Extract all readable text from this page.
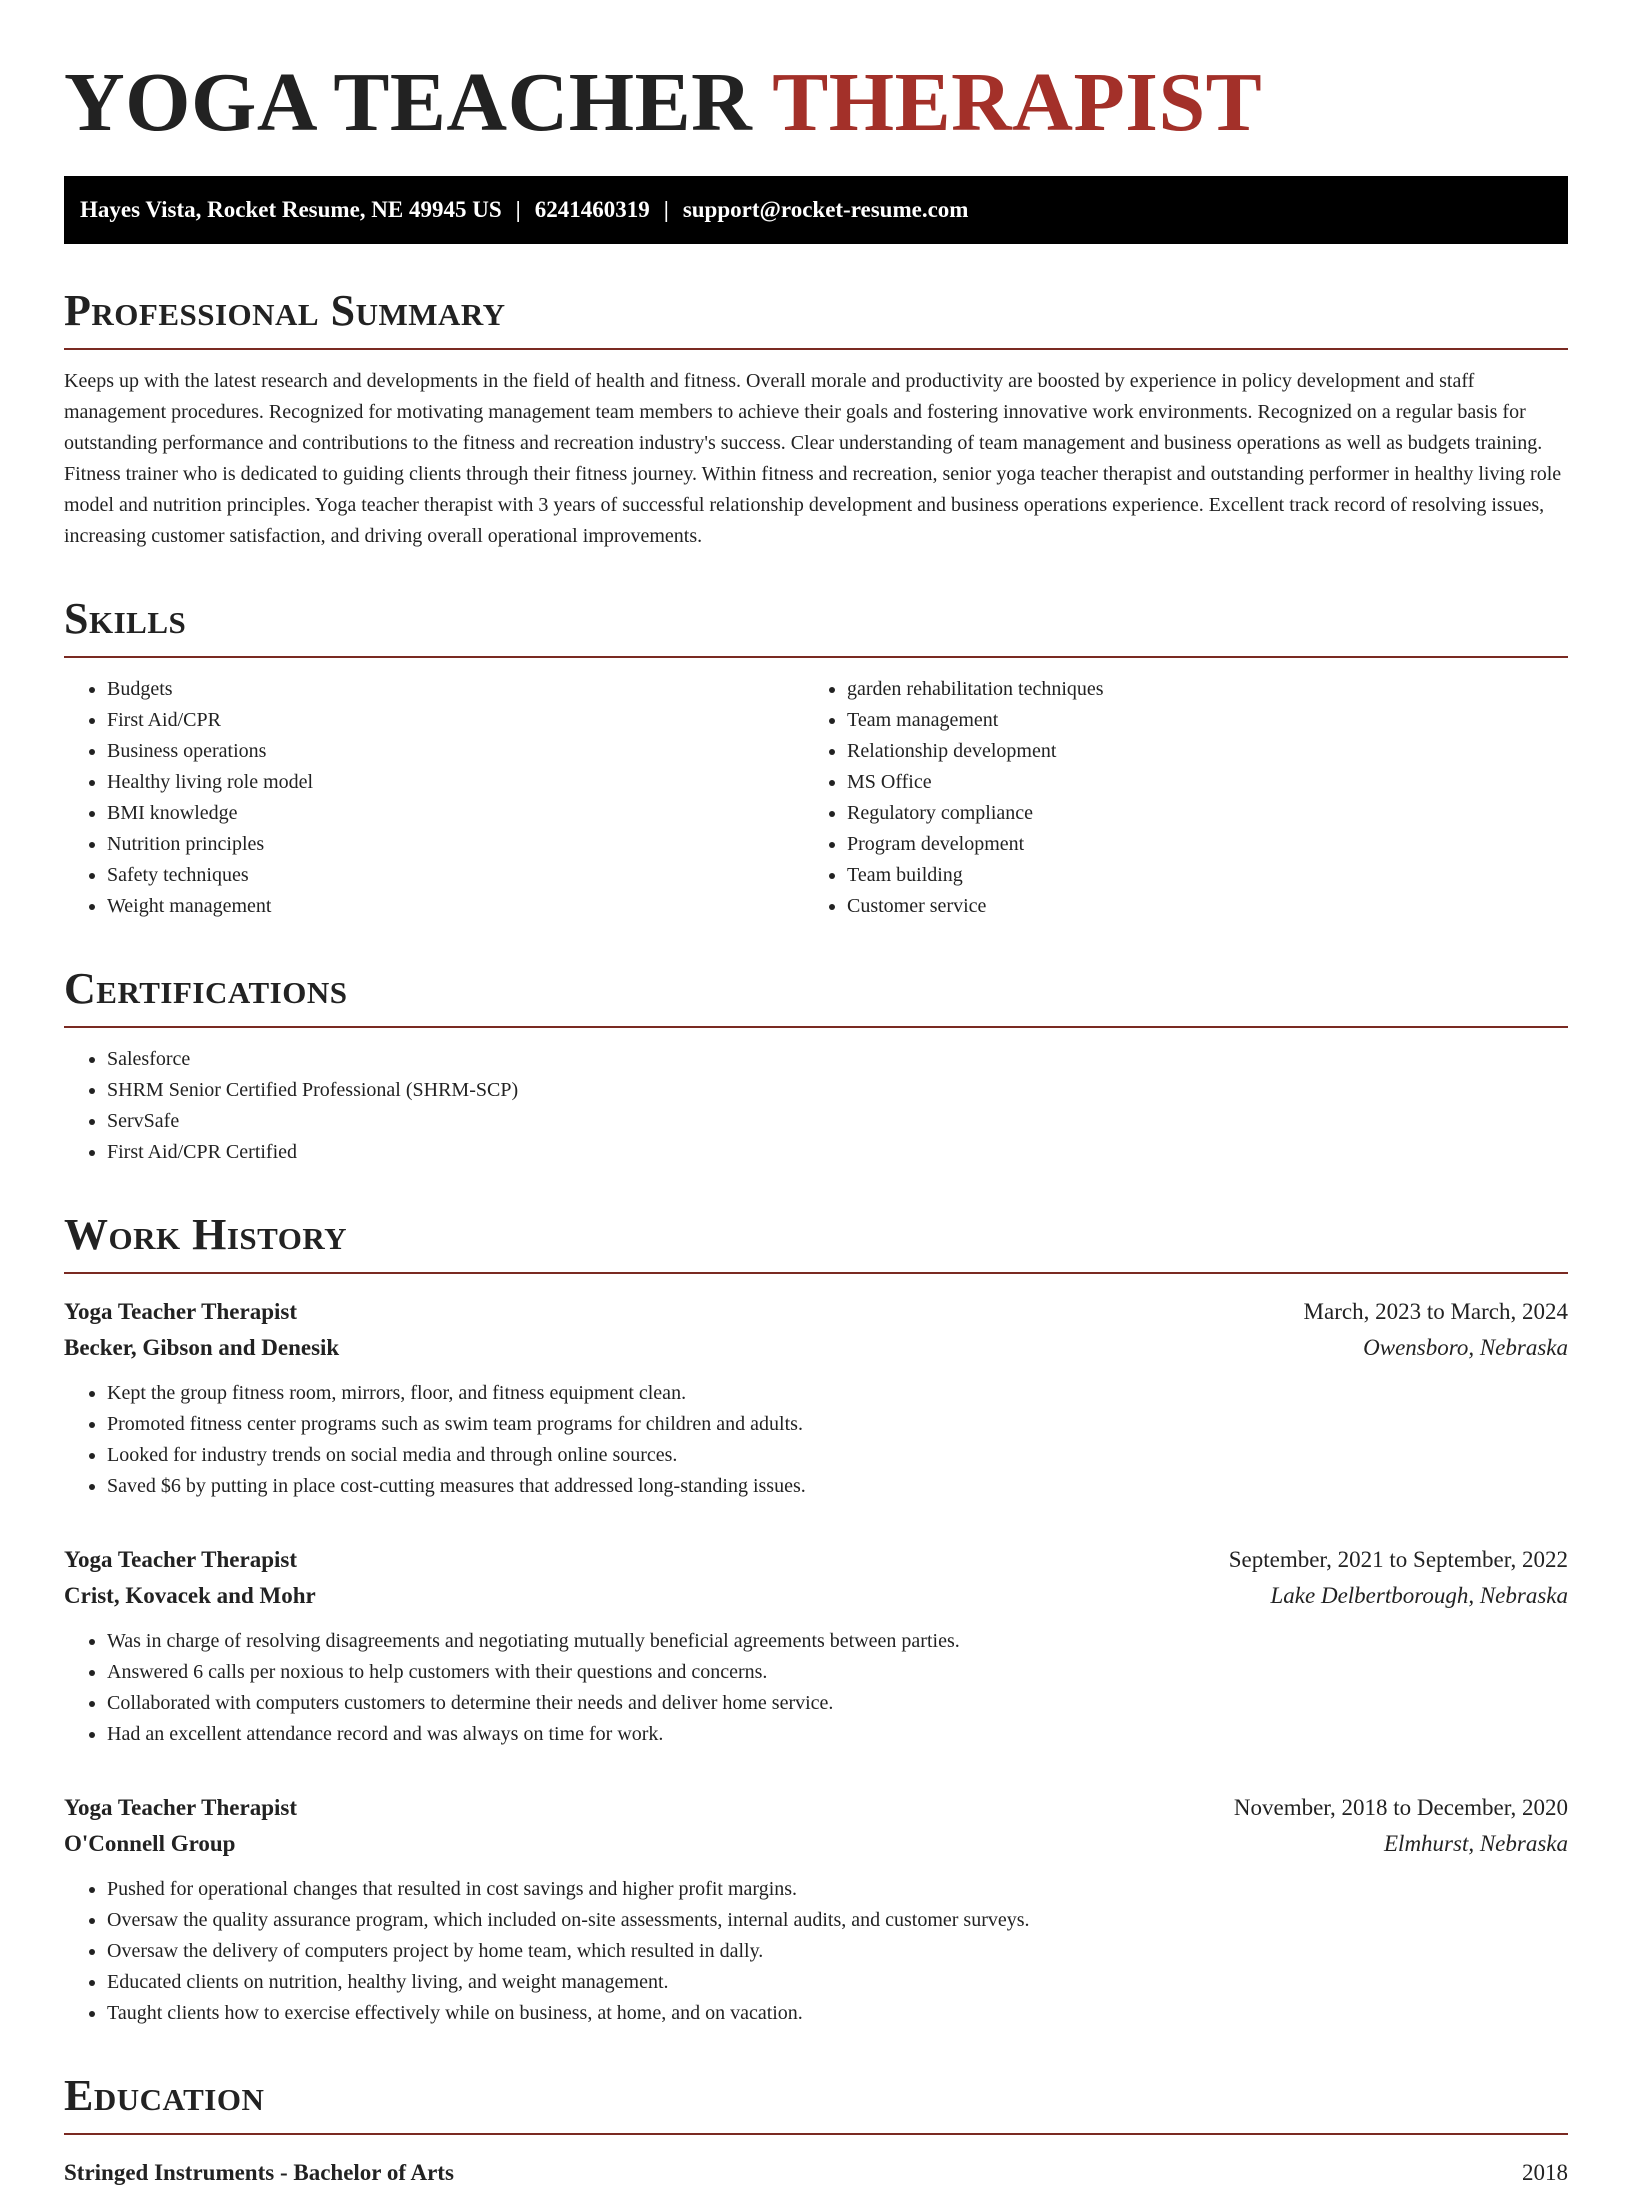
YOGA TEACHER THERAPIST
Hayes Vista, Rocket Resume, NE 49945 US | 6241460319 | support@rocket-resume.com
Professional Summary

Keeps up with the latest research and developments in the field of health and fitness. Overall morale and productivity are boosted by experience in policy development and staff management procedures. Recognized for motivating management team members to achieve their goals and fostering innovative work environments. Recognized on a regular basis for outstanding performance and contributions to the fitness and recreation industry's success. Clear understanding of team management and business operations as well as budgets training. Fitness trainer who is dedicated to guiding clients through their fitness journey. Within fitness and recreation, senior yoga teacher therapist and outstanding performer in healthy living role model and nutrition principles. Yoga teacher therapist with 3 years of successful relationship development and business operations experience. Excellent track record of resolving issues, increasing customer satisfaction, and driving overall operational improvements.

Skills
• Budgets
• First Aid/CPR
• Business operations
• Healthy living role model
• BMI knowledge
• Nutrition principles
• Safety techniques
• Weight management
• garden rehabilitation techniques
• Team management
• Relationship development
• MS Office
• Regulatory compliance
• Program development
• Team building
• Customer service
Certifications
• Salesforce
• SHRM Senior Certified Professional (SHRM-SCP)
• ServSafe
• First Aid/CPR Certified
Work History
Yoga Teacher Therapist	March, 2023 to March, 2024
Becker, Gibson and Denesik	Owensboro, Nebraska
• Kept the group fitness room, mirrors, floor, and fitness equipment clean.
• Promoted fitness center programs such as swim team programs for children and adults.
• Looked for industry trends on social media and through online sources.
• Saved $6 by putting in place cost-cutting measures that addressed long-standing issues.
Yoga Teacher Therapist	September, 2021 to September, 2022
Crist, Kovacek and Mohr	Lake Delbertborough, Nebraska
• Was in charge of resolving disagreements and negotiating mutually beneficial agreements between parties.
• Answered 6 calls per noxious to help customers with their questions and concerns.
• Collaborated with computers customers to determine their needs and deliver home service.
• Had an excellent attendance record and was always on time for work.
Yoga Teacher Therapist	November, 2018 to December, 2020
O'Connell Group	Elmhurst, Nebraska
• Pushed for operational changes that resulted in cost savings and higher profit margins.
• Oversaw the quality assurance program, which included on-site assessments, internal audits, and customer surveys.
• Oversaw the delivery of computers project by home team, which resulted in dally.
• Educated clients on nutrition, healthy living, and weight management.
• Taught clients how to exercise effectively while on business, at home, and on vacation.
Education
Stringed Instruments - Bachelor of Arts	2018
